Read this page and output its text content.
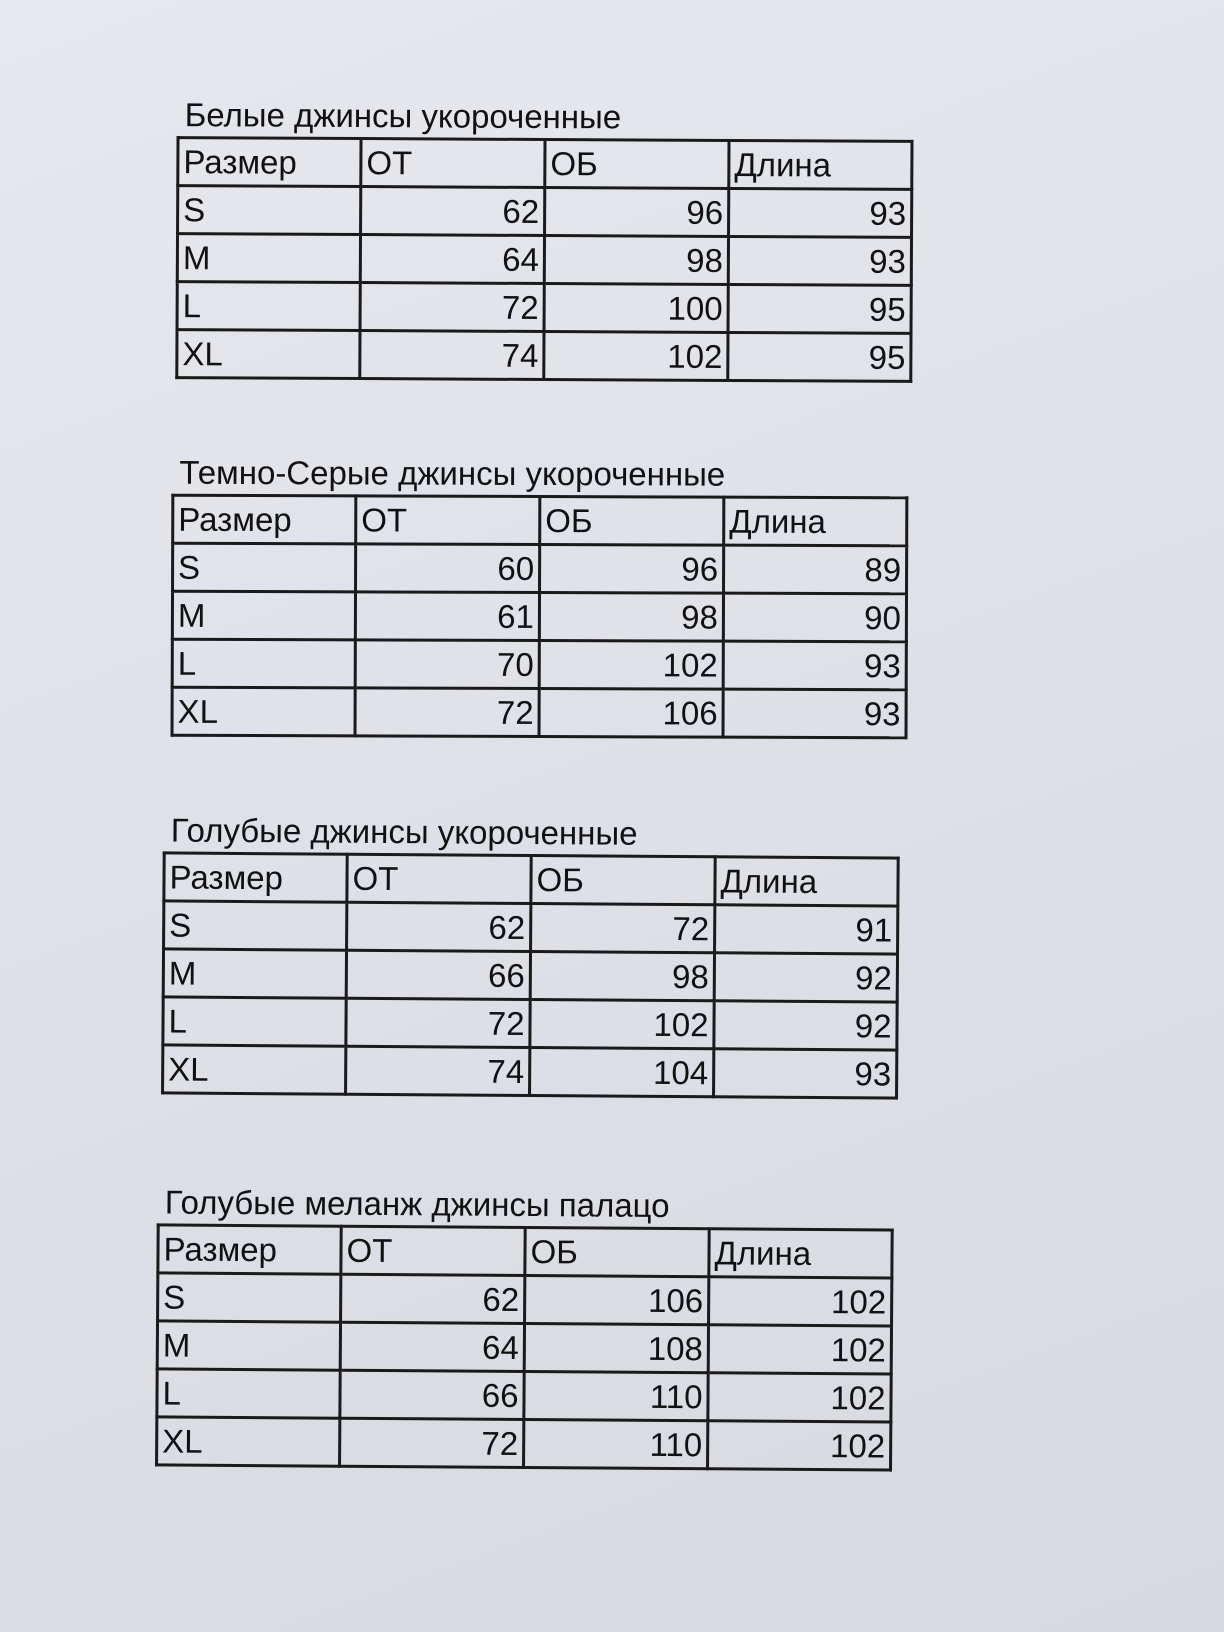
Белые джинсы укороченные
Размер	ОТ	ОБ	Длина
S	62	96	93
M	64	98	93
L	72	100	95
XL	74	102	95
Темно-Серые джинсы укороченные
Размер	ОТ	ОБ	Длина
S	60	96	89
M	61	98	90
L	70	102	93
XL	72	106	93
Голубые джинсы укороченные
Размер	ОТ	ОБ	Длина
S	62	72	91
M	66	98	92
L	72	102	92
XL	74	104	93
Голубые меланж джинсы палацо
Размер	ОТ	ОБ	Длина
S	62	106	102
M	64	108	102
L	66	110	102
XL	72	110	102
